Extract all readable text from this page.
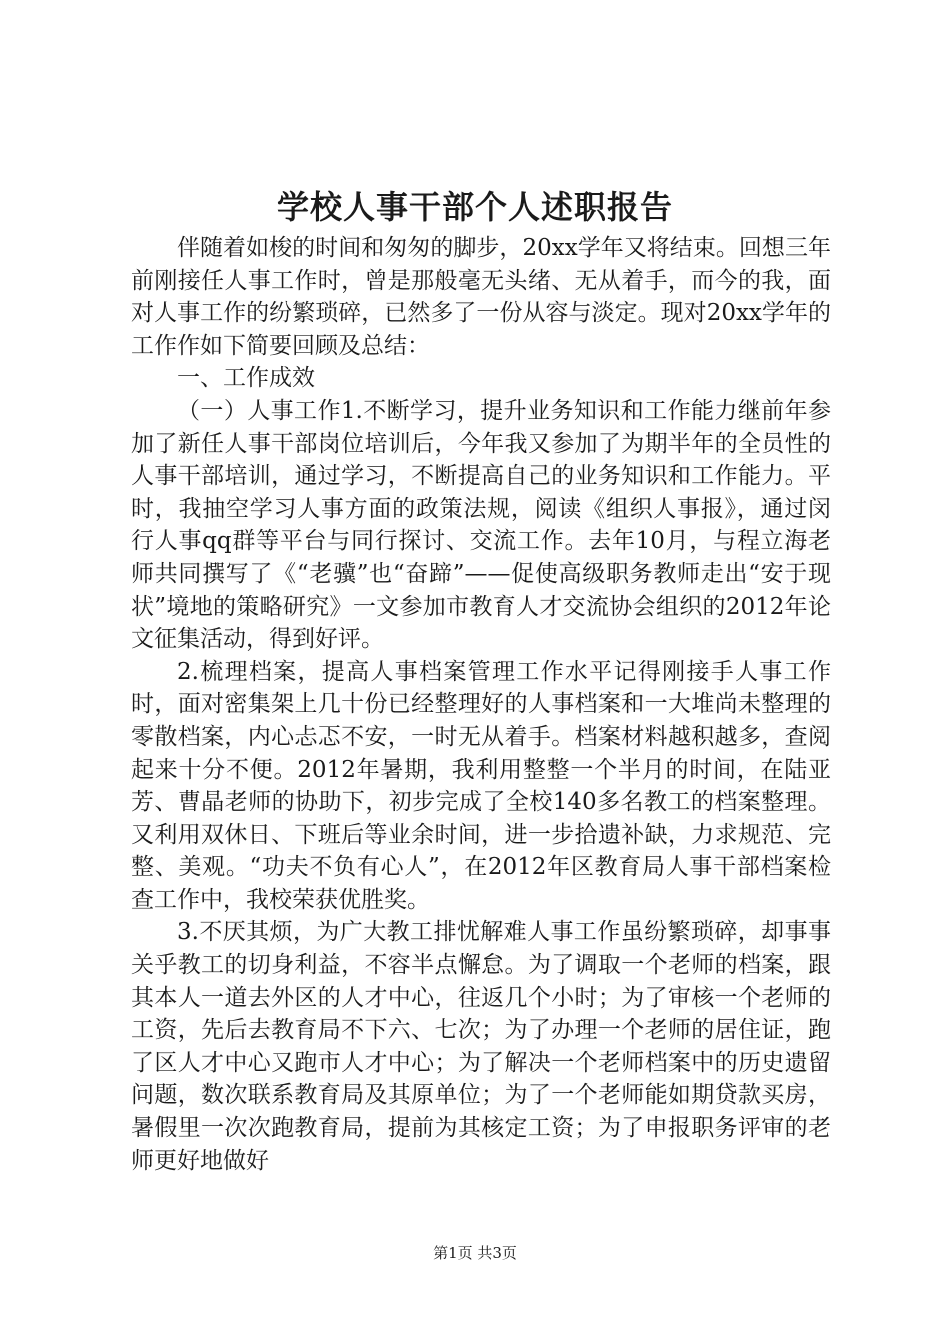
学校人事干部个人述职报告

伴随着如梭的时间和匆匆的脚步，20xx学年又将结束。回想三年前刚接任人事工作时，曾是那般毫无头绪、无从着手，而今的我，面对人事工作的纷繁琐碎，已然多了一份从容与淡定。现对20xx学年的工作作如下简要回顾及总结：

一、工作成效

（一）人事工作1.不断学习，提升业务知识和工作能力继前年参加了新任人事干部岗位培训后，今年我又参加了为期半年的全员性的人事干部培训，通过学习，不断提高自己的业务知识和工作能力。平时，我抽空学习人事方面的政策法规，阅读《组织人事报》，通过闵行人事qq群等平台与同行探讨、交流工作。去年10月，与程立海老师共同撰写了《“老骥”也“奋蹄”——促使高级职务教师走出“安于现状”境地的策略研究》一文参加市教育人才交流协会组织的2012年论文征集活动，得到好评。

2.梳理档案，提高人事档案管理工作水平记得刚接手人事工作时，面对密集架上几十份已经整理好的人事档案和一大堆尚未整理的零散档案，内心忐忑不安，一时无从着手。档案材料越积越多，查阅起来十分不便。2012年暑期，我利用整整一个半月的时间，在陆亚芳、曹晶老师的协助下，初步完成了全校140多名教工的档案整理。又利用双休日、下班后等业余时间，进一步拾遗补缺，力求规范、完整、美观。“功夫不负有心人”，在2012年区教育局人事干部档案检查工作中，我校荣获优胜奖。

3.不厌其烦，为广大教工排忧解难人事工作虽纷繁琐碎，却事事关乎教工的切身利益，不容半点懈怠。为了调取一个老师的档案，跟其本人一道去外区的人才中心，往返几个小时；为了审核一个老师的工资，先后去教育局不下六、七次；为了办理一个老师的居住证，跑了区人才中心又跑市人才中心；为了解决一个老师档案中的历史遗留问题，数次联系教育局及其原单位；为了一个老师能如期贷款买房，暑假里一次次跑教育局，提前为其核定工资；为了申报职务评审的老师更好地做好

第1页 共3页
